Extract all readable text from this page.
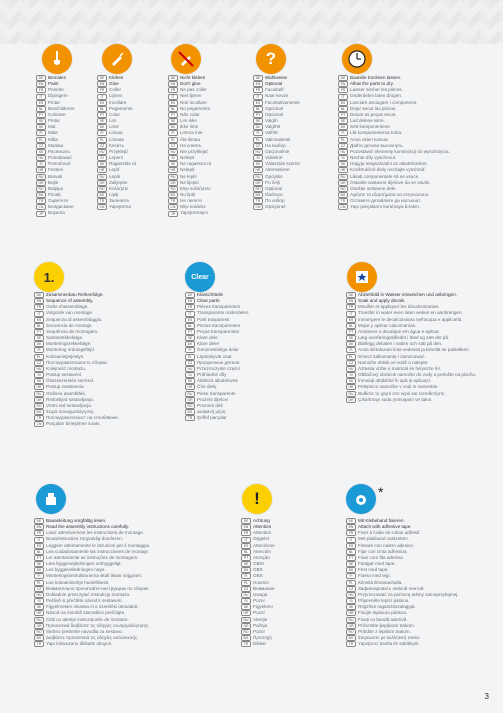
?
DE	Bemalen
EN	Paint
FR	Peindre
IT	Dipingere
ES	Pintar
NL	Beschilderen
PT	Colorare
SE	Pintar
DK	Mal
FI	Male
PL	Måla
CZ	Maalaa
SK	Расписать
HU Pomalować
SI	Pomaľovať
HR Festeni
RU Barvati
GR Bojiti
RO Βαψιμο
BG Pictați
TR	Оцветете
CN Боядисване
JP	Boyama
DE	Kleben
EN	Glue
FR	Coller
IT	Lijmen
ES	Incollare
NL	Pegamento
PT	Colar
SE	Lim
DK	Lime
FI	Liimaa
PL	Liimata
CZ	Клеить
HU Przyklejić
SI	Lepení
SK	Ragasztás rá
HR Lepiť
RU Lepiti
GR Zalijepite
RO Κολλήστε
BG Lipiți
TR	Залепете
CN Yapıştırma
DE	Nicht kleben
EN	Don't glue
FR	Ne pas coller
IT	Niet lijmen
ES	Non incollare
NL	No pegamento
PT	Não colar
SE	Lim ikke
DK	Ikke lime
FI	Limma inte
PL	Älä liimaa
CZ	Не клеить
HU Nie przyklejać
SI	Nelepit
SK	Ne ragassza rá
HR Nelepiť
RU Ne lepiti
GR Ne lijepiti
RO Μην κολλήσετε
BG Nu lipiți
TR	Не лепете
CN Μην κολλάτε
JP	Yapıştırmayın
DE	Wahlweise
EN	Optional
FR	Facultatif
IT	Naar keuze
ES	Facoltativamente
NL	Opcional
PT	Opcional
SE	Valgfri
DK	Valgfritt
FI	Valfritt
PL	Valinnaisesti
CZ	На выбор
HU Opcjonalnie
SI	Volitelné
SK	Választás szerint
HR Alternatívne
RU Opcijsko
GR Po želji
RO Opțional
BG Ιδιαίτερα
TR	По избор
CN Opsiyonel
DE	Bauteile trocknen lassen.
EN	Allow the parts to dry.
FR	Laisser sécher les pièces.
IT	Onderdelen laten drogen.
ES	Lasciare asciugare i componenti.
NL	Dejar secar las piezas.
PT	Deixar as peças secar.
SE	Lad delene tørre.
DK	Sett komponentene.
FI	Låt komponenterna torka.
PL	Anna osien kuivua.
CZ	Дайте детали высохнуть.
HU Pozostawić elementy konstrukcji do wyschnięcia.
SI	Nechte díly vyschnout.
SK	Hagyja megszáradni az alkatrészeket.
HR Konštrukčné diely nechajte vyschnúť.
RU Lăsați componentele să se usuce.
GR Ostavite sastavne dijelove da se osuše.
RO Osušite sestavne dele.
BG Αφήστε τα εξαρτήματα να στεγνώσουν.
TR	Оставете детайлите да изсъхнат.
CN Yapı parçalarını kurumaya bırakın.
1.	Clear
DE	Zusammenbau Reihenfolge.
EN	Sequence of assembly.
FR	Ordre d'assemblage.
IT	Volgorde van montage.
ES	Sequenza di assemblaggio.
NL	Secuencia de montaje.
PT	Sequência de montagem.
SE	Samlerækkefølge.
DK	Monteringsrekkefølge.
FI	Montering ordningsföljd.
PL	Kokoamisjärjestys.
CZ	Последовательность сборки.
HU Kolejność montażu.
SI	Postup sestavení.
SK	Összeszerelés sorrend.
HR Postup zostavenia.
RU Ordinea asamblării.
GR Redoslijed sastavljanja.
RO Vrstni red sestavljanja.
BG Σειρά συναρμολόγησης.
TR	Последователност на сглобяване.
CN Parçaları birleştirme sırası.
DE	Klarsichtteile
EN	Clear parts
FR	Pièces transparentes
IT	Transparante onderdelen
ES	Parti trasparenti
NL	Piezas transparentes
PT	Peças transparentes
SE	Klare dele
DK	Klare deler
FI	Genomskinliga delar
PL	Läpinäkyvät osat
CZ	Прозрачные детали
HU Przezroczyste części
SI	Průhledné díly
SK	Átlátszó alkatrészek
HR Číre diely
RU Piese transparente
GR Prozirni dijelovi
RO Prozorni deli
BG Διαφανή μέρη
TR	Şeffaf parçalar
DE	Abziehbild in Wasser einweichen und anbringen.
EN	Soak and apply decals.
FR	Mouiller et appliquer les décalcomanies.
IT	Transfer in water even laten weken en aanbrengen.
ES	Immergere le decalcomania nell'acqua e applicarla.
NL	Mojar y aplicar calcomanías.
PT	Amolecer o decalque em água e aplicar.
SE	Læg overføringsbilledet i blød og sæt det på.
DK	Bløtlegg dekalen i vatten och sätt på den.
FI	Anna siirtokuvan liota vedessä ja kiinnitä se paikalleen.
PL	Smocz kalkomanię i zamocować.
CZ	Namočte obtisk ve vodě a nalepte.
HU Áztassa vízbe a matricát és helyezze fel.
SI	Obtlačový obrázok namočte do vody a preložte na plochu.
SK	Înmuiați abțibildul în apă și aplicați-l.
HR Pelepnico namočite v vodi in namestite.
RU Βυθίστε το χαρτί στο νερό και τοποθετήστε.
GR Çıkartmayı suda yumuşatın ve takın.
!	*
DE	Bauanleitung sorgfältig lesen.
EN	Read the assembly instructions carefully.
FR	Lisez attentivement les instructions de montage.
IT	Bouwinstructies zorgvuldig doorlezen.
ES	Leggere attentamente le istruzioni per il montaggio.
NL	Lea cuidadosamente las instrucciones de montaje.
PT	Ler atentamente as instruções de montagem.
SE	Læs byggevejledningen omhyggeligt.
DK	Les byggeveiledningen nøye.
FI	Monteringsinstruktionerna skall läsas noggrant.
PL	Lue kokoamisohje huolellisesti.
CZ	Внимательно прочитайте инструкцию по сборке.
HU Dokładnie przeczytać instrukcję montażu.
SI	Pečlivě si přečtěte návod k sestavení.
SK	Figyelmesen olvassa el a szerelési útmutatót.
HR Návod na montáž starostlivo prečítajte.
RU Citiți cu atenție instrucțiunile de montare.
GR Προσεκτικά διαβάστε τις οδηγίες συναρμολόγησης.
RO Skrbno preberite navodila za sestavo.
BG Διαβάστε προσεκτικά τις οδηγίες κατασκευής.
TR	Yapı kılavuzunu dikkatle okuyun.
DE	Achtung
EN	Attention
FR	Attention
IT	Opgelet
ES	Attenzione
NL	Atención
PT	Atenção
SE	OBS!
DK	OBS
FI	OBS
PL	Huomio
CZ	Внимание
HU Uwaga
SI	Pozor
SK	Figyelem!
HR Pozor
RU Atenție
GR Pažnja
RO Pozor
BG Προσοχή
TR	Dikkat
DE	Mit Klebeband fixieren.
EN	Attach with adhesive tape.
FR	Fixer à l'aide de ruban adhésif.
IT	Met plakband vastzetten.
ES	Fissare con nastro adesivo.
NL	Fijar con cinta adhesiva.
PT	Fixar com fita adesiva.
SE	Fastgør med tape.
DK	Fest med tape.
FI	Fixera med tejp.
PL	Kiinnitä liimanauhalla.
CZ	Зафиксировать липкой лентой.
HU Przymocować za pomocą taśmy samoprzylepnej.
SI	Připevněte lepící páskou.
SK	Rögzítse ragasztószalaggal.
HR Fixujte lepiacou páskou.
RU Fixați cu bandă adezivă.
GR Pričvrstite ljepljivom trakom.
RO Pritrdite z lepilnim trakom.
BG Στερεώστε με κολλητική ταινία.
TR	Yapıştırıcı bantla ile sabitleyin.
3
